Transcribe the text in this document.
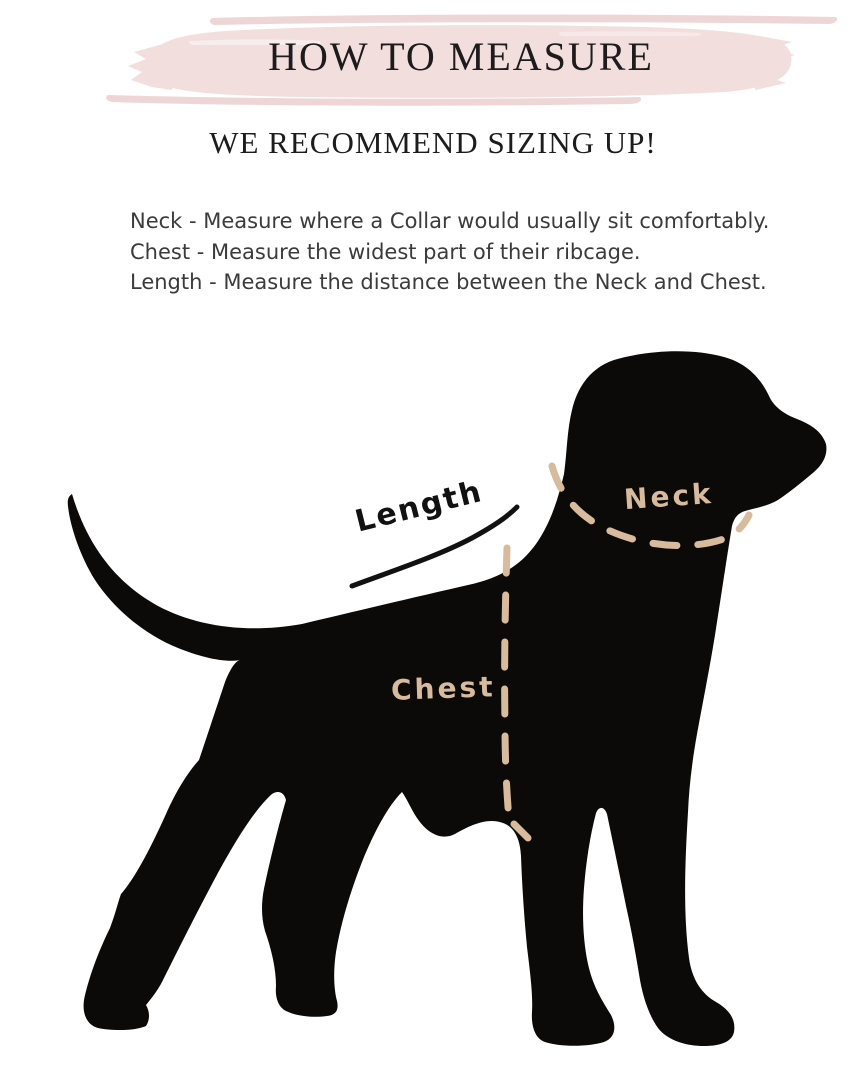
HOW TO MEASURE
WE RECOMMEND SIZING UP!

Neck - Measure where a Collar would usually sit comfortably.

Chest - Measure the widest part of their ribcage.

Length - Measure the distance between the Neck and Chest.

Length	Neck
Chest
